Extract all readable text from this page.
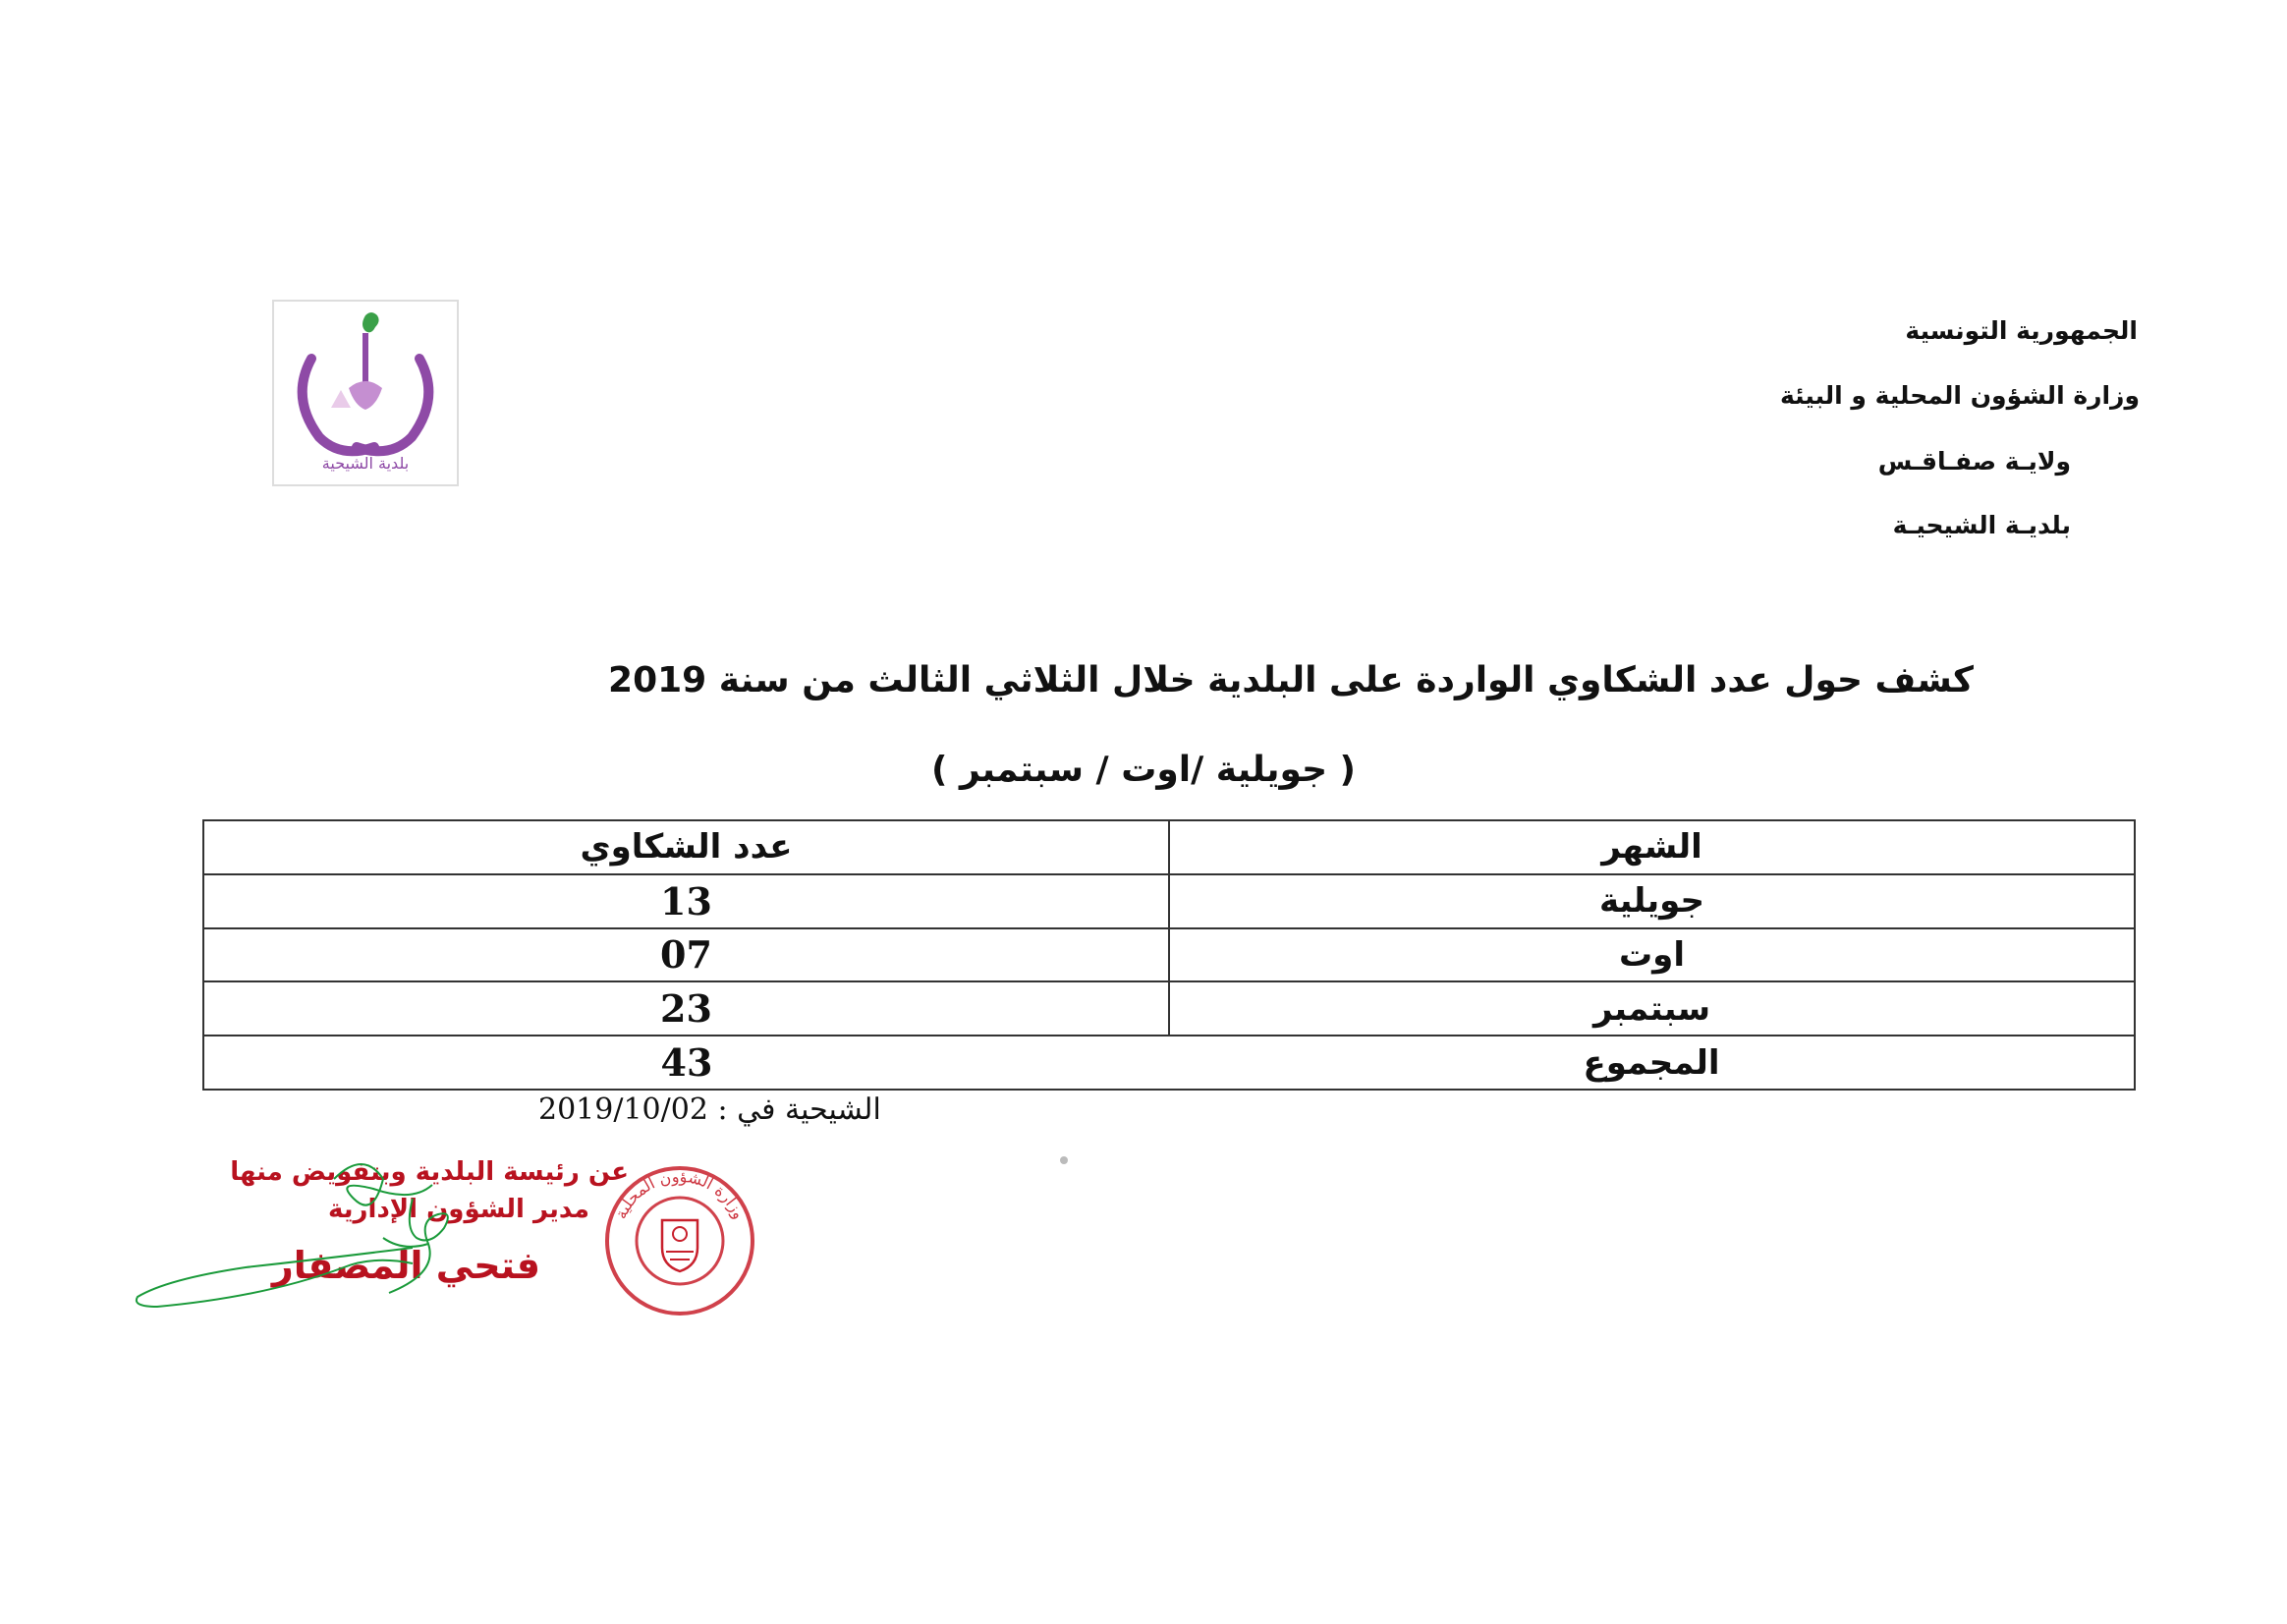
الجمهورية التونسية
وزارة الشؤون المحلية و البيئة
ولايـة صفـاقـس
بلديـة الشيحيـة
بلدية الشيحية
كشف حول عدد الشكاوي الواردة على البلدية خلال الثلاثي الثالث من سنة 2019
( جويلية /اوت / سبتمبر )
الشهر	عدد الشكاوي
جويلية	13
اوت	07
سبتمبر	23
المجموع	43
الشيحية في : 2019/10/02
عن رئيسة البلدية وبتفويض منها
مدير الشؤون الإدارية
فتحي المصفار
وزارة الشؤون المحلية
